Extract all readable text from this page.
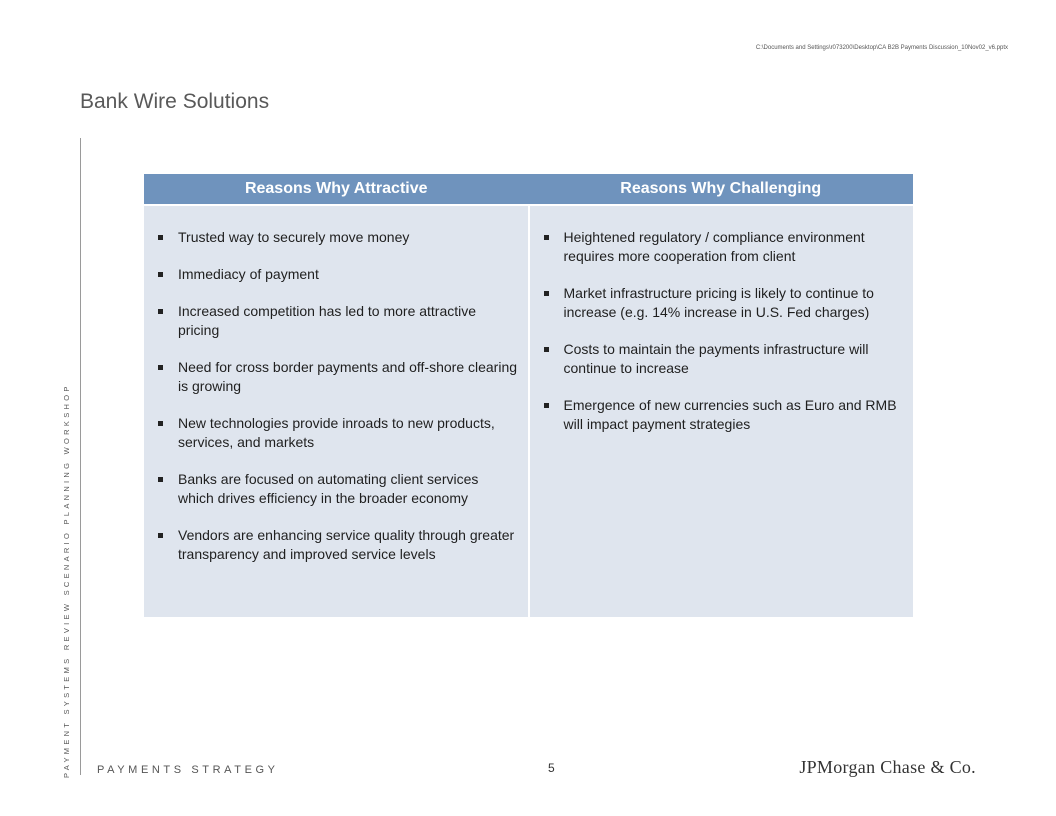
C:\Documents and Settings\r073200\Desktop\CA B2B Payments Discussion_10Nov02_v6.pptx
Bank Wire Solutions
PAYMENT SYSTEMS REVIEW SCENARIO PLANNING WORKSHOP
Reasons Why Attractive	Reasons Why Challenging
Trusted way to securely move money
Immediacy of payment
Increased competition has led to more attractive pricing
Need for cross border payments and off-shore clearing is growing
New technologies provide inroads to new products, services, and markets
Banks are focused on automating client services which drives efficiency in the broader economy
Vendors are enhancing service quality through greater transparency and improved service levels
Heightened regulatory / compliance environment requires more cooperation from client
Market infrastructure pricing is likely to continue to increase (e.g. 14% increase in U.S. Fed charges)
Costs to maintain the payments infrastructure will continue to increase
Emergence of new currencies such as Euro and RMB will impact payment strategies
PAYMENTS STRATEGY	5	JPMorgan Chase & Co.
